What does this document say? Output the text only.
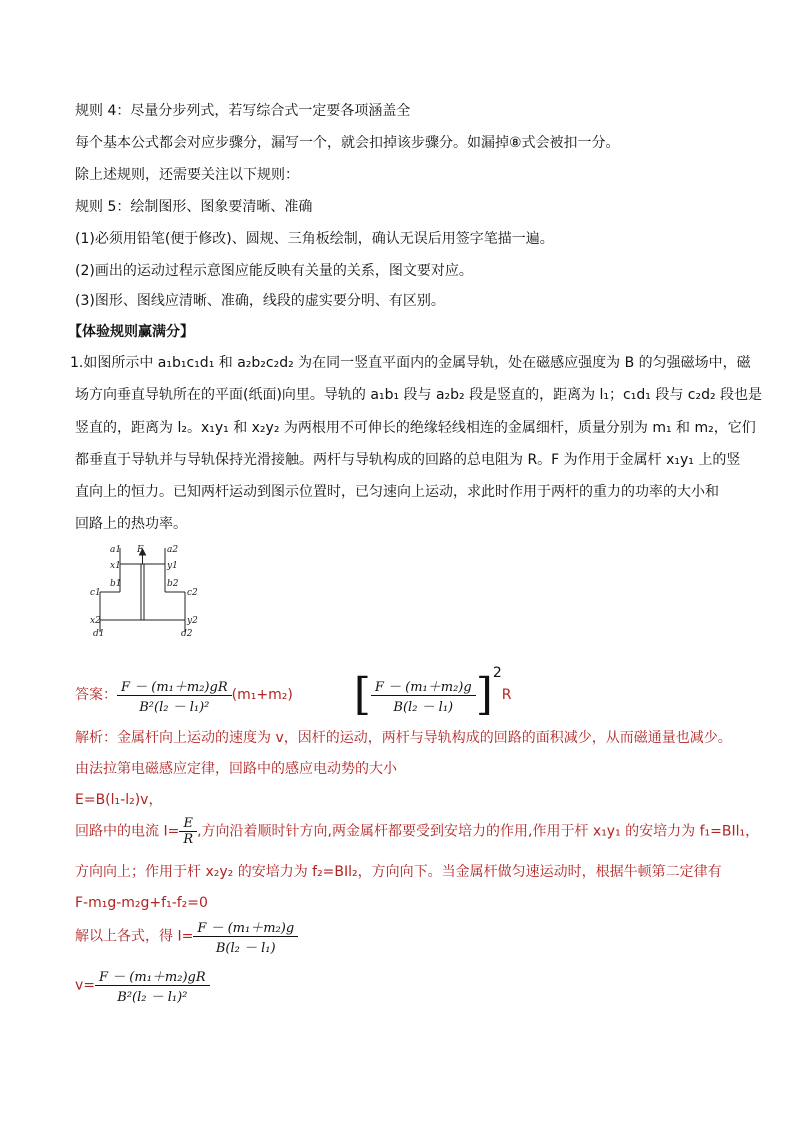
规则 4：尽量分步列式，若写综合式一定要各项涵盖全
每个基本公式都会对应步骤分，漏写一个，就会扣掉该步骤分。如漏掉⑧式会被扣一分。
除上述规则，还需要关注以下规则：
规则 5：绘制图形、图象要清晰、准确
(1)必须用铅笔(便于修改)、圆规、三角板绘制，确认无误后用签字笔描一遍。
(2)画出的运动过程示意图应能反映有关量的关系，图文要对应。
(3)图形、图线应清晰、准确，线段的虚实要分明、有区别。
【体验规则赢满分】
1.如图所示中 a₁b₁c₁d₁ 和 a₂b₂c₂d₂ 为在同一竖直平面内的金属导轨，处在磁感应强度为 B 的匀强磁场中，磁
场方向垂直导轨所在的平面(纸面)向里。导轨的 a₁b₁ 段与 a₂b₂ 段是竖直的，距离为 l₁；c₁d₁ 段与 c₂d₂ 段也是
竖直的，距离为 l₂。x₁y₁ 和 x₂y₂ 为两根用不可伸长的绝缘轻线相连的金属细杆，质量分别为 m₁ 和 m₂，它们
都垂直于导轨并与导轨保持光滑接触。两杆与导轨构成的回路的总电阻为 R。F 为作用于金属杆 x₁y₁ 上的竖
直向上的恒力。已知两杆运动到图示位置时，已匀速向上运动，求此时作用于两杆的重力的功率的大小和
回路上的热功率。
a1 F	a2
x1	y1
b1	b2
c1	c2
x2	y2
d1	d2
答案： $\frac{\text{F － (m₁＋m₂)gR}}{\text{B²(l₂ － l₁)²}} (m_1+m_2)$ [ $\frac{\text{F － (m₁＋m₂)g}}{\text{B(l₂ － l₁)}} ]^2R$
解析：金属杆向上运动的速度为 v，因杆的运动，两杆与导轨构成的回路的面积减少，从而磁通量也减少。
由法拉第电磁感应定律，回路中的感应电动势的大小
E=B(l₁-l₂)v，
回路中的电流 $I= \frac{E}{R}$ ,方向沿着顺时针方向,两金属杆都要受到安培力的作用,作用于杆 x₁y₁ 的安培力为 f₁=BIl₁，
方向向上；作用于杆 x₂y₂ 的安培力为 f₂=BIl₂，方向向下。当金属杆做匀速运动时，根据牛顿第二定律有
F-m₁g-m₂g+f₁-f₂=0
解以上各式，得 $I= \frac{\text{F － (m₁＋m₂)g}}{\text{B(l₂ － l₁)}}$
$v= \frac{\text{F － (m₁＋m₂)gR}}{\text{B²(l₂ － l₁)²}}$
